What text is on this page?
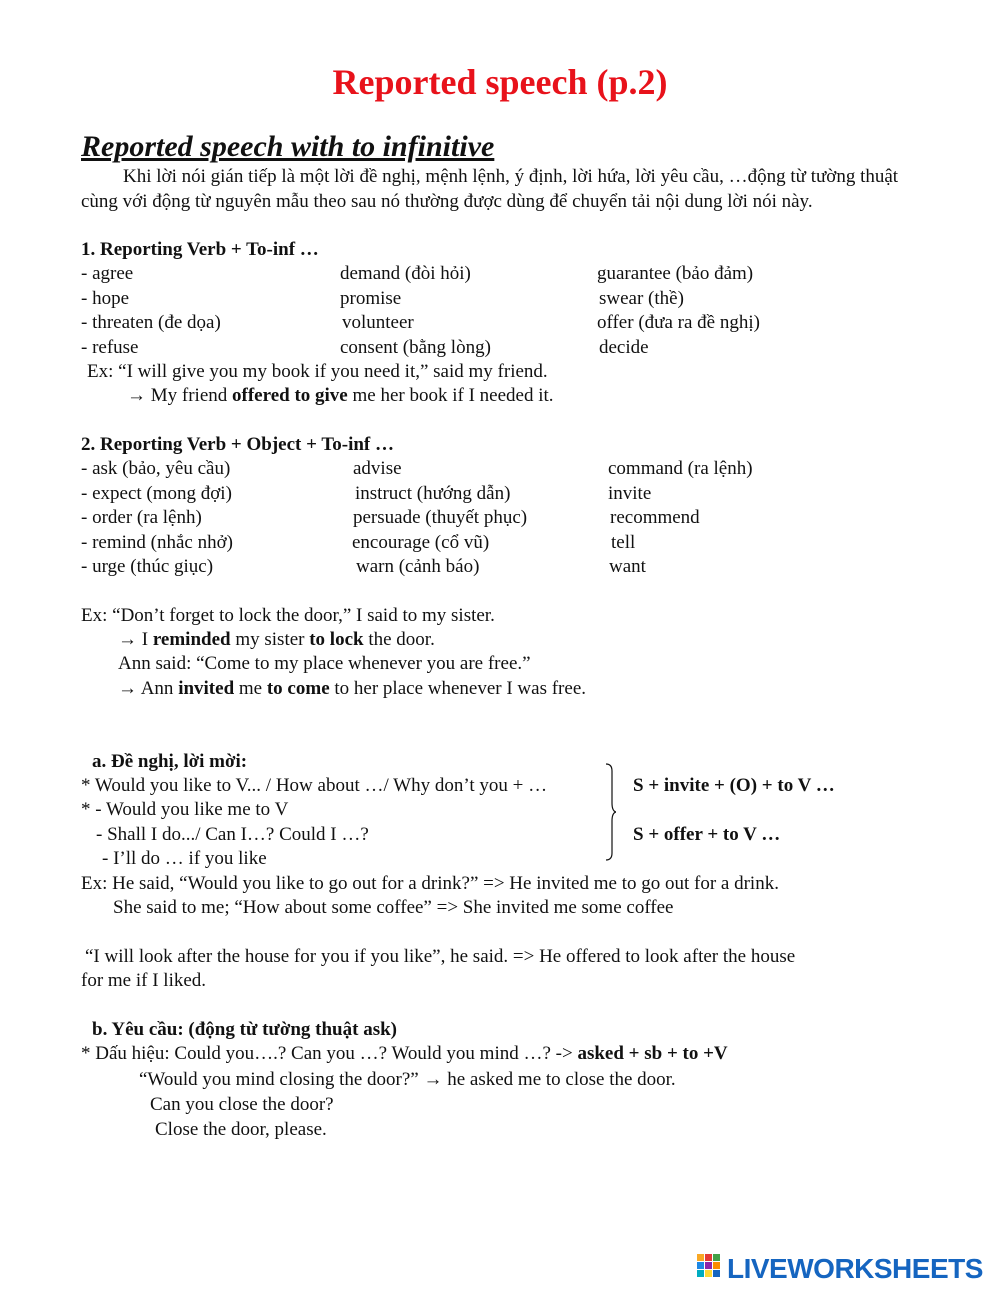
Reported speech (p.2)
Reported speech with to infinitive
Khi lời nói gián tiếp là một lời đề nghị, mệnh lệnh, ý định, lời hứa, lời yêu cầu, …động từ tường thuật cùng với động từ nguyên mẫu theo sau nó thường được dùng để chuyển tải nội dung lời nói này.
1. Reporting Verb + To-inf …
- agree
- hope
- threaten (đe dọa)
- refuse
demand (đòi hỏi)
promise
volunteer
consent (bằng lòng)
guarantee (bảo đảm)
swear (thề)
offer (đưa ra đề nghị)
decide
Ex: “I will give you my book if you need it,” said my friend.
→ My friend offered to give me her book if I needed it.
2. Reporting Verb + Object + To-inf …
- ask (bảo, yêu cầu)
- expect (mong đợi)
- order (ra lệnh)
- remind (nhắc nhở)
- urge (thúc giục)
advise
instruct (hướng dẫn)
persuade (thuyết phục)
encourage (cổ vũ)
warn (cảnh báo)
command (ra lệnh)
invite
recommend
tell
want
Ex: “Don’t forget to lock the door,” I said to my sister.
→ I reminded my sister to lock the door.
Ann said: “Come to my place whenever you are free.”
→ Ann invited me to come to her place whenever I was free.
a. Đề nghị, lời mời:
* Would you like to V... / How about …/ Why don’t you + …
* - Would you like me to V
- Shall I do.../ Can I…? Could I …?
- I’ll do … if you like
S + invite + (O) + to V …
S + offer + to V …
Ex: He said, “Would you like to go out for a drink?” => He invited me to go out for a drink.
She said to me; “How about some coffee” => She invited me some coffee
“I will look after the house for you if you like”, he said. => He offered to look after the house
for me if I liked.
b. Yêu cầu: (động từ tường thuật ask)
* Dấu hiệu: Could you….? Can you …? Would you mind …? -> asked + sb + to +V
“Would you mind closing the door?” → he asked me to close the door.
Can you close the door?
Close the door, please.
LIVEWORKSHEETS
